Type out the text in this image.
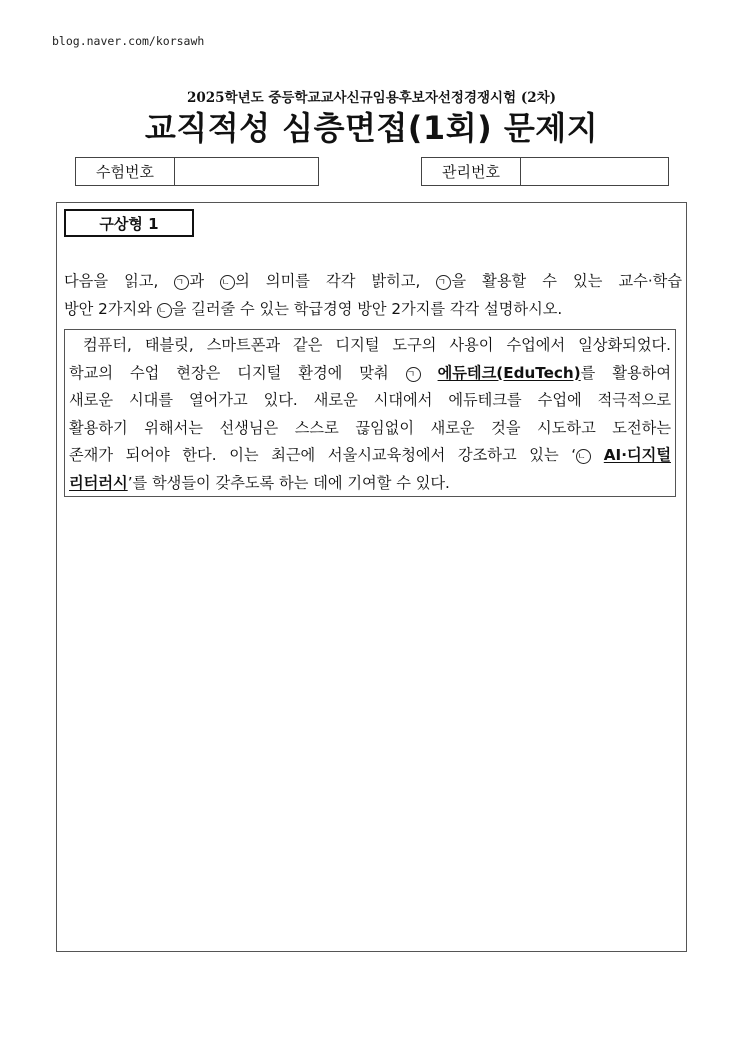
blog.naver.com/korsawh
2025학년도 중등학교교사신규임용후보자선정경쟁시험 (2차)
교직적성 심층면접(1회) 문제지
수험번호	관리번호
구상형 1
다음을 읽고, ㄱ 과 ㄴ 의 의미를 각각 밝히고, ㄱ 을 활용할 수 있는 교수·학습
방안 2가지와 ㄴ 을 길러줄 수 있는 학급경영 방안 2가지를 각각 설명하시오.
컴퓨터, 태블릿, 스마트폰과 같은 디지털 도구의 사용이 수업에서 일상화되었다.
학교의 수업 현장은 디지털 환경에 맞춰 ㄱ 에듀테크(EduTech)를 활용하여
새로운 시대를 열어가고 있다. 새로운 시대에서 에듀테크를 수업에 적극적으로
활용하기 위해서는 선생님은 스스로 끊임없이 새로운 것을 시도하고 도전하는
존재가 되어야 한다. 이는 최근에 서울시교육청에서 강조하고 있는 ‘ㄴ AI·디지털
리터러시’를 학생들이 갖추도록 하는 데에 기여할 수 있다.
